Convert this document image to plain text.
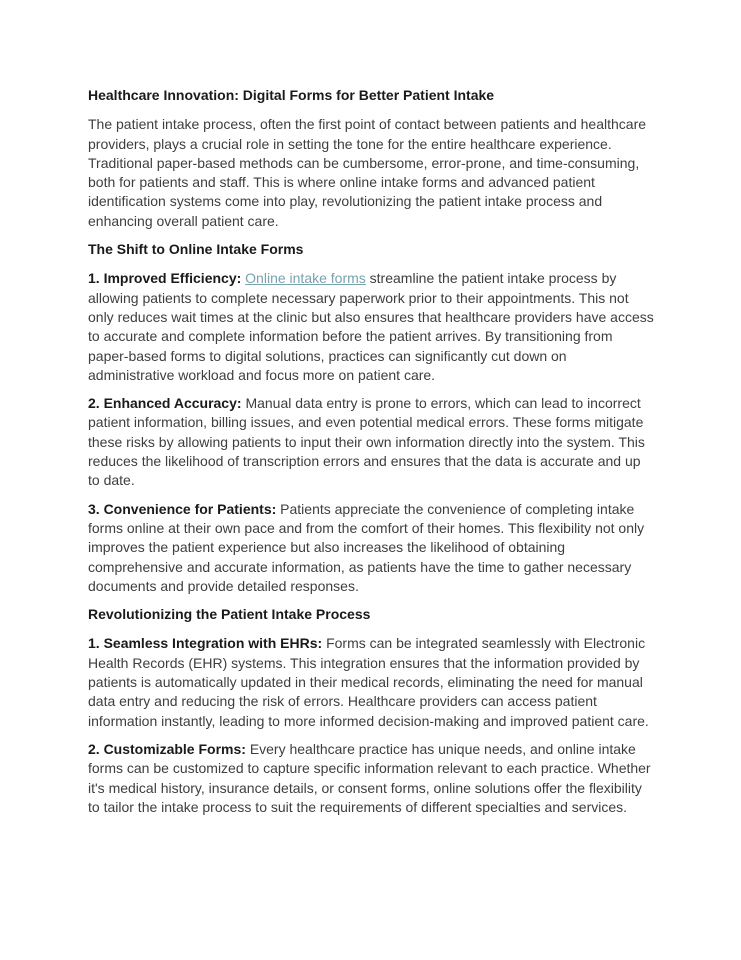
Healthcare Innovation: Digital Forms for Better Patient Intake

The patient intake process, often the first point of contact between patients and healthcare providers, plays a crucial role in setting the tone for the entire healthcare experience. Traditional paper-based methods can be cumbersome, error-prone, and time-consuming, both for patients and staff. This is where online intake forms and advanced patient identification systems come into play, revolutionizing the patient intake process and enhancing overall patient care.

The Shift to Online Intake Forms

1. Improved Efficiency: Online intake forms streamline the patient intake process by allowing patients to complete necessary paperwork prior to their appointments. This not only reduces wait times at the clinic but also ensures that healthcare providers have access to accurate and complete information before the patient arrives. By transitioning from paper-based forms to digital solutions, practices can significantly cut down on administrative workload and focus more on patient care.

2. Enhanced Accuracy: Manual data entry is prone to errors, which can lead to incorrect patient information, billing issues, and even potential medical errors. These forms mitigate these risks by allowing patients to input their own information directly into the system. This reduces the likelihood of transcription errors and ensures that the data is accurate and up to date.

3. Convenience for Patients: Patients appreciate the convenience of completing intake forms online at their own pace and from the comfort of their homes. This flexibility not only improves the patient experience but also increases the likelihood of obtaining comprehensive and accurate information, as patients have the time to gather necessary documents and provide detailed responses.

Revolutionizing the Patient Intake Process

1. Seamless Integration with EHRs: Forms can be integrated seamlessly with Electronic Health Records (EHR) systems. This integration ensures that the information provided by patients is automatically updated in their medical records, eliminating the need for manual data entry and reducing the risk of errors. Healthcare providers can access patient information instantly, leading to more informed decision-making and improved patient care.

2. Customizable Forms: Every healthcare practice has unique needs, and online intake forms can be customized to capture specific information relevant to each practice. Whether it's medical history, insurance details, or consent forms, online solutions offer the flexibility to tailor the intake process to suit the requirements of different specialties and services.
